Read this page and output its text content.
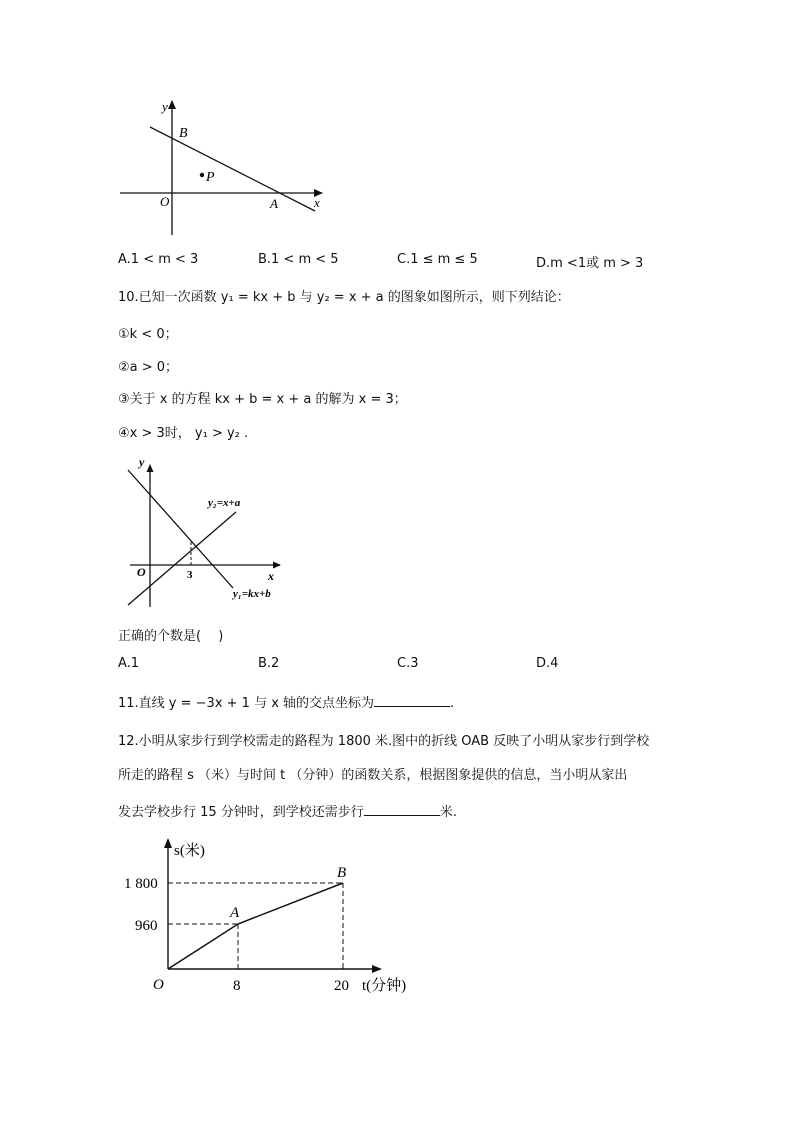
y
x
O
B
A
P
A.1 < m < 3	B.1 < m < 5	C.1 ≤ m ≤ 5	D.m <1或 m > 3
10.已知一次函数 y₁ = kx + b 与 y₂ = x + a 的图象如图所示，则下列结论：
①k < 0；
②a > 0；
③关于 x 的方程 kx + b = x + a 的解为 x = 3；
④x > 3时， y₁ > y₂ .
y
x
O	3
y₂=x+a
y₁=kx+b
正确的个数是(　 )
A.1	B.2	C.3	D.4
11.直线 y = −3x + 1 与 x 轴的交点坐标为	.
12.小明从家步行到学校需走的路程为 1800 米.图中的折线 OAB 反映了小明从家步行到学校
所走的路程 s （米）与时间 t （分钟）的函数关系，根据图象提供的信息，当小明从家出
发去学校步行 15 分钟时，到学校还需步行	米.
s(米)
t(分钟)
1 800
960
8	20
O
A
B
